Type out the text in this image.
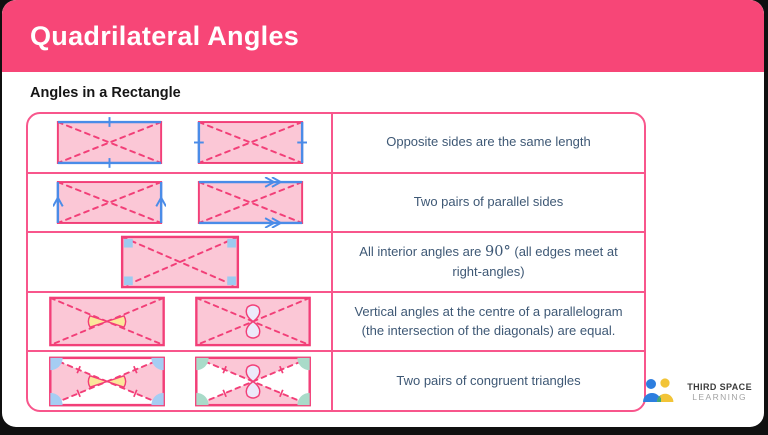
Quadrilateral Angles
Angles in a Rectangle
Opposite sides are the same length
Two pairs of parallel sides
All interior angles are 90° (all edges meet at right-angles)
Vertical angles at the centre of a parallelogram (the intersection of the diagonals) are equal.
Two pairs of congruent triangles	THIRD SPACE
LEARNING
